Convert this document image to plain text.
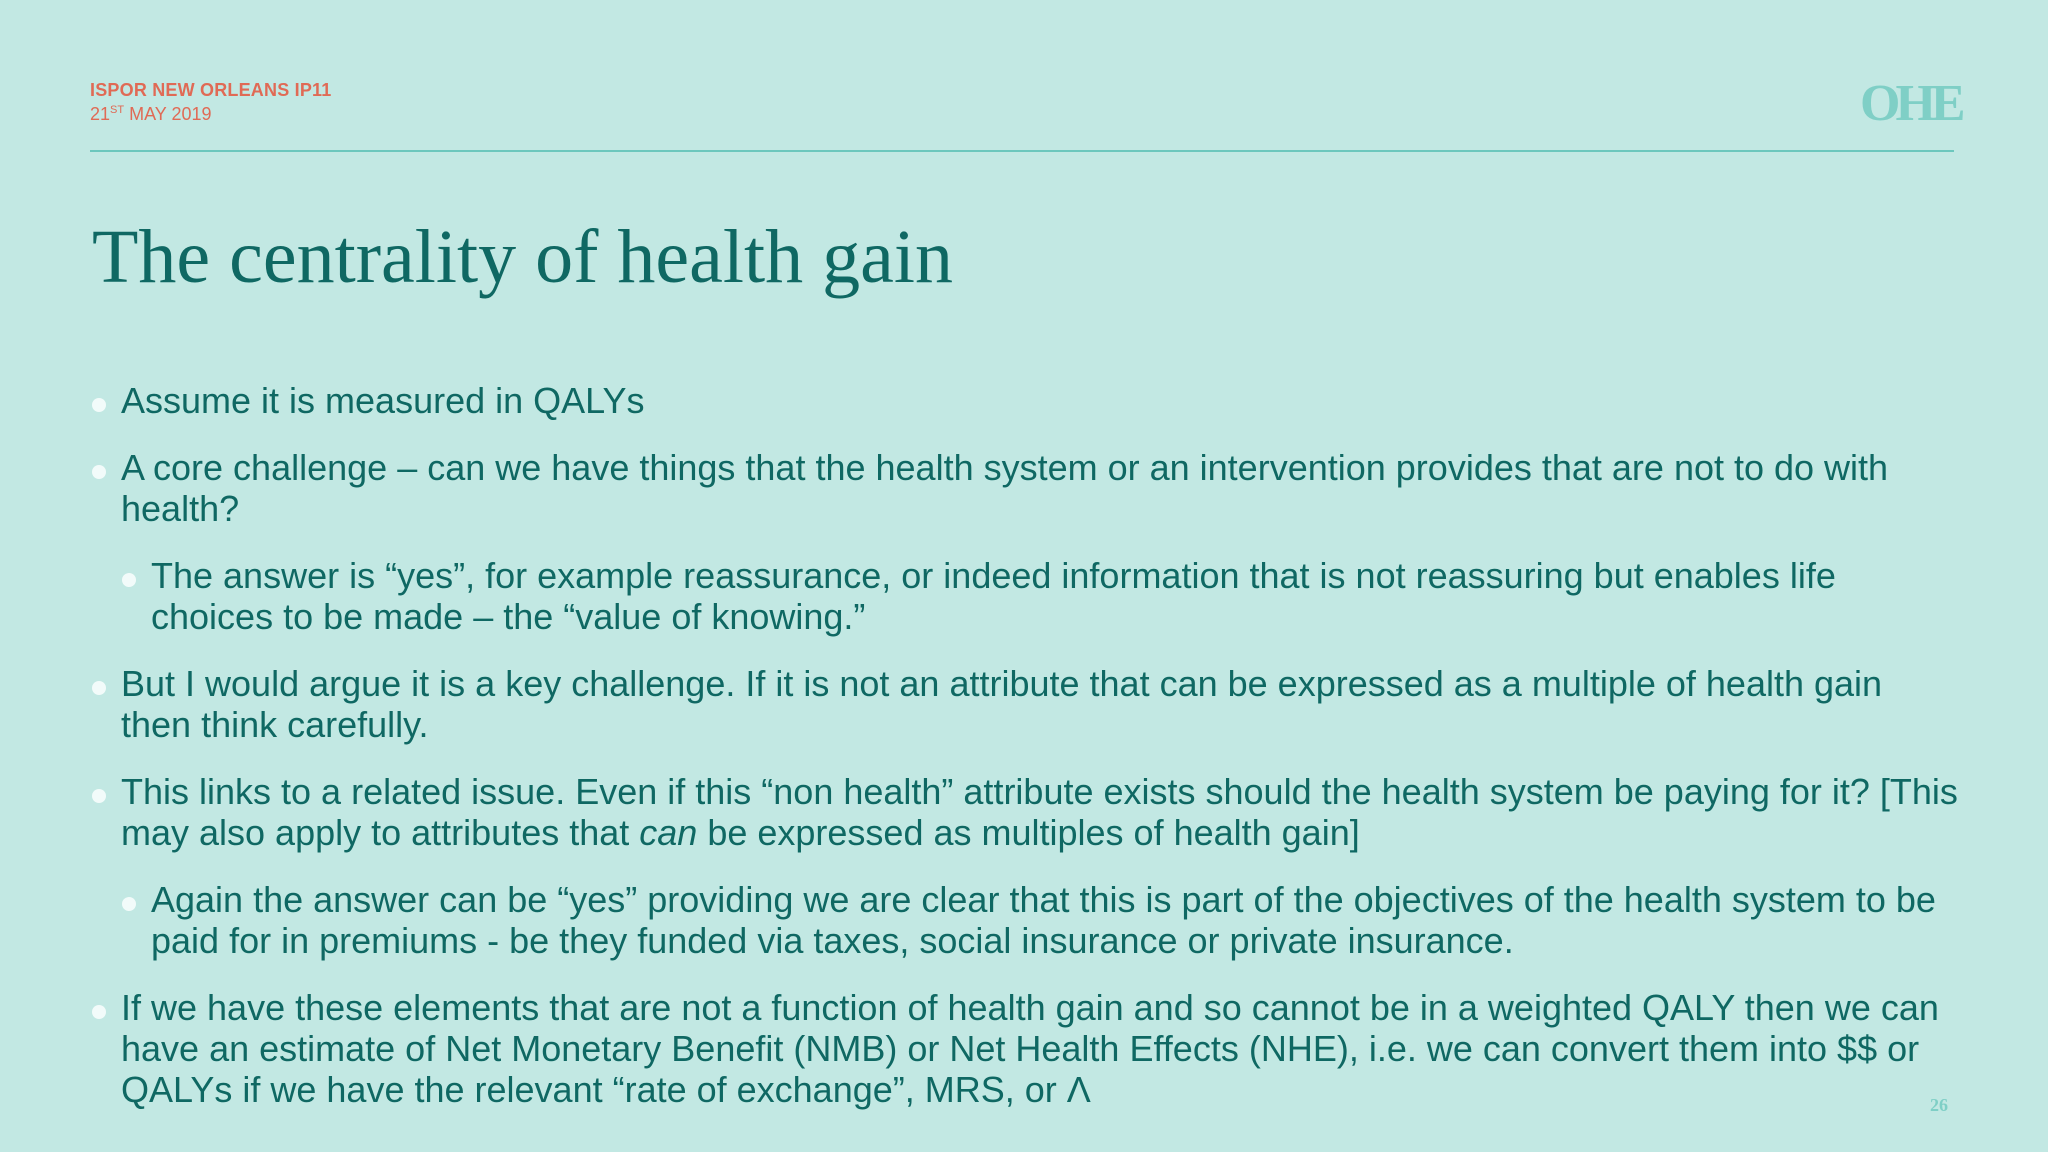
ISPOR NEW ORLEANS IP11
21ST MAY 2019	OHE
The centrality of health gain
Assume it is measured in QALYs
A core challenge – can we have things that the health system or an intervention provides that are not to do with health?
The answer is “yes”, for example reassurance, or indeed information that is not reassuring but enables life choices to be made – the “value of knowing.”
But I would argue it is a key challenge. If it is not an attribute that can be expressed as a multiple of health gain then think carefully.
This links to a related issue. Even if this “non health” attribute exists should the health system be paying for it? [This may also apply to attributes that can be expressed as multiples of health gain]
Again the answer can be “yes” providing we are clear that this is part of the objectives of the health system to be paid for in premiums - be they funded via taxes, social insurance or private insurance.
If we have these elements that are not a function of health gain and so cannot be in a weighted QALY then we can have an estimate of Net Monetary Benefit (NMB) or Net Health Effects (NHE), i.e. we can convert them into $$ or QALYs if we have the relevant “rate of exchange”, MRS, or Λ	26
